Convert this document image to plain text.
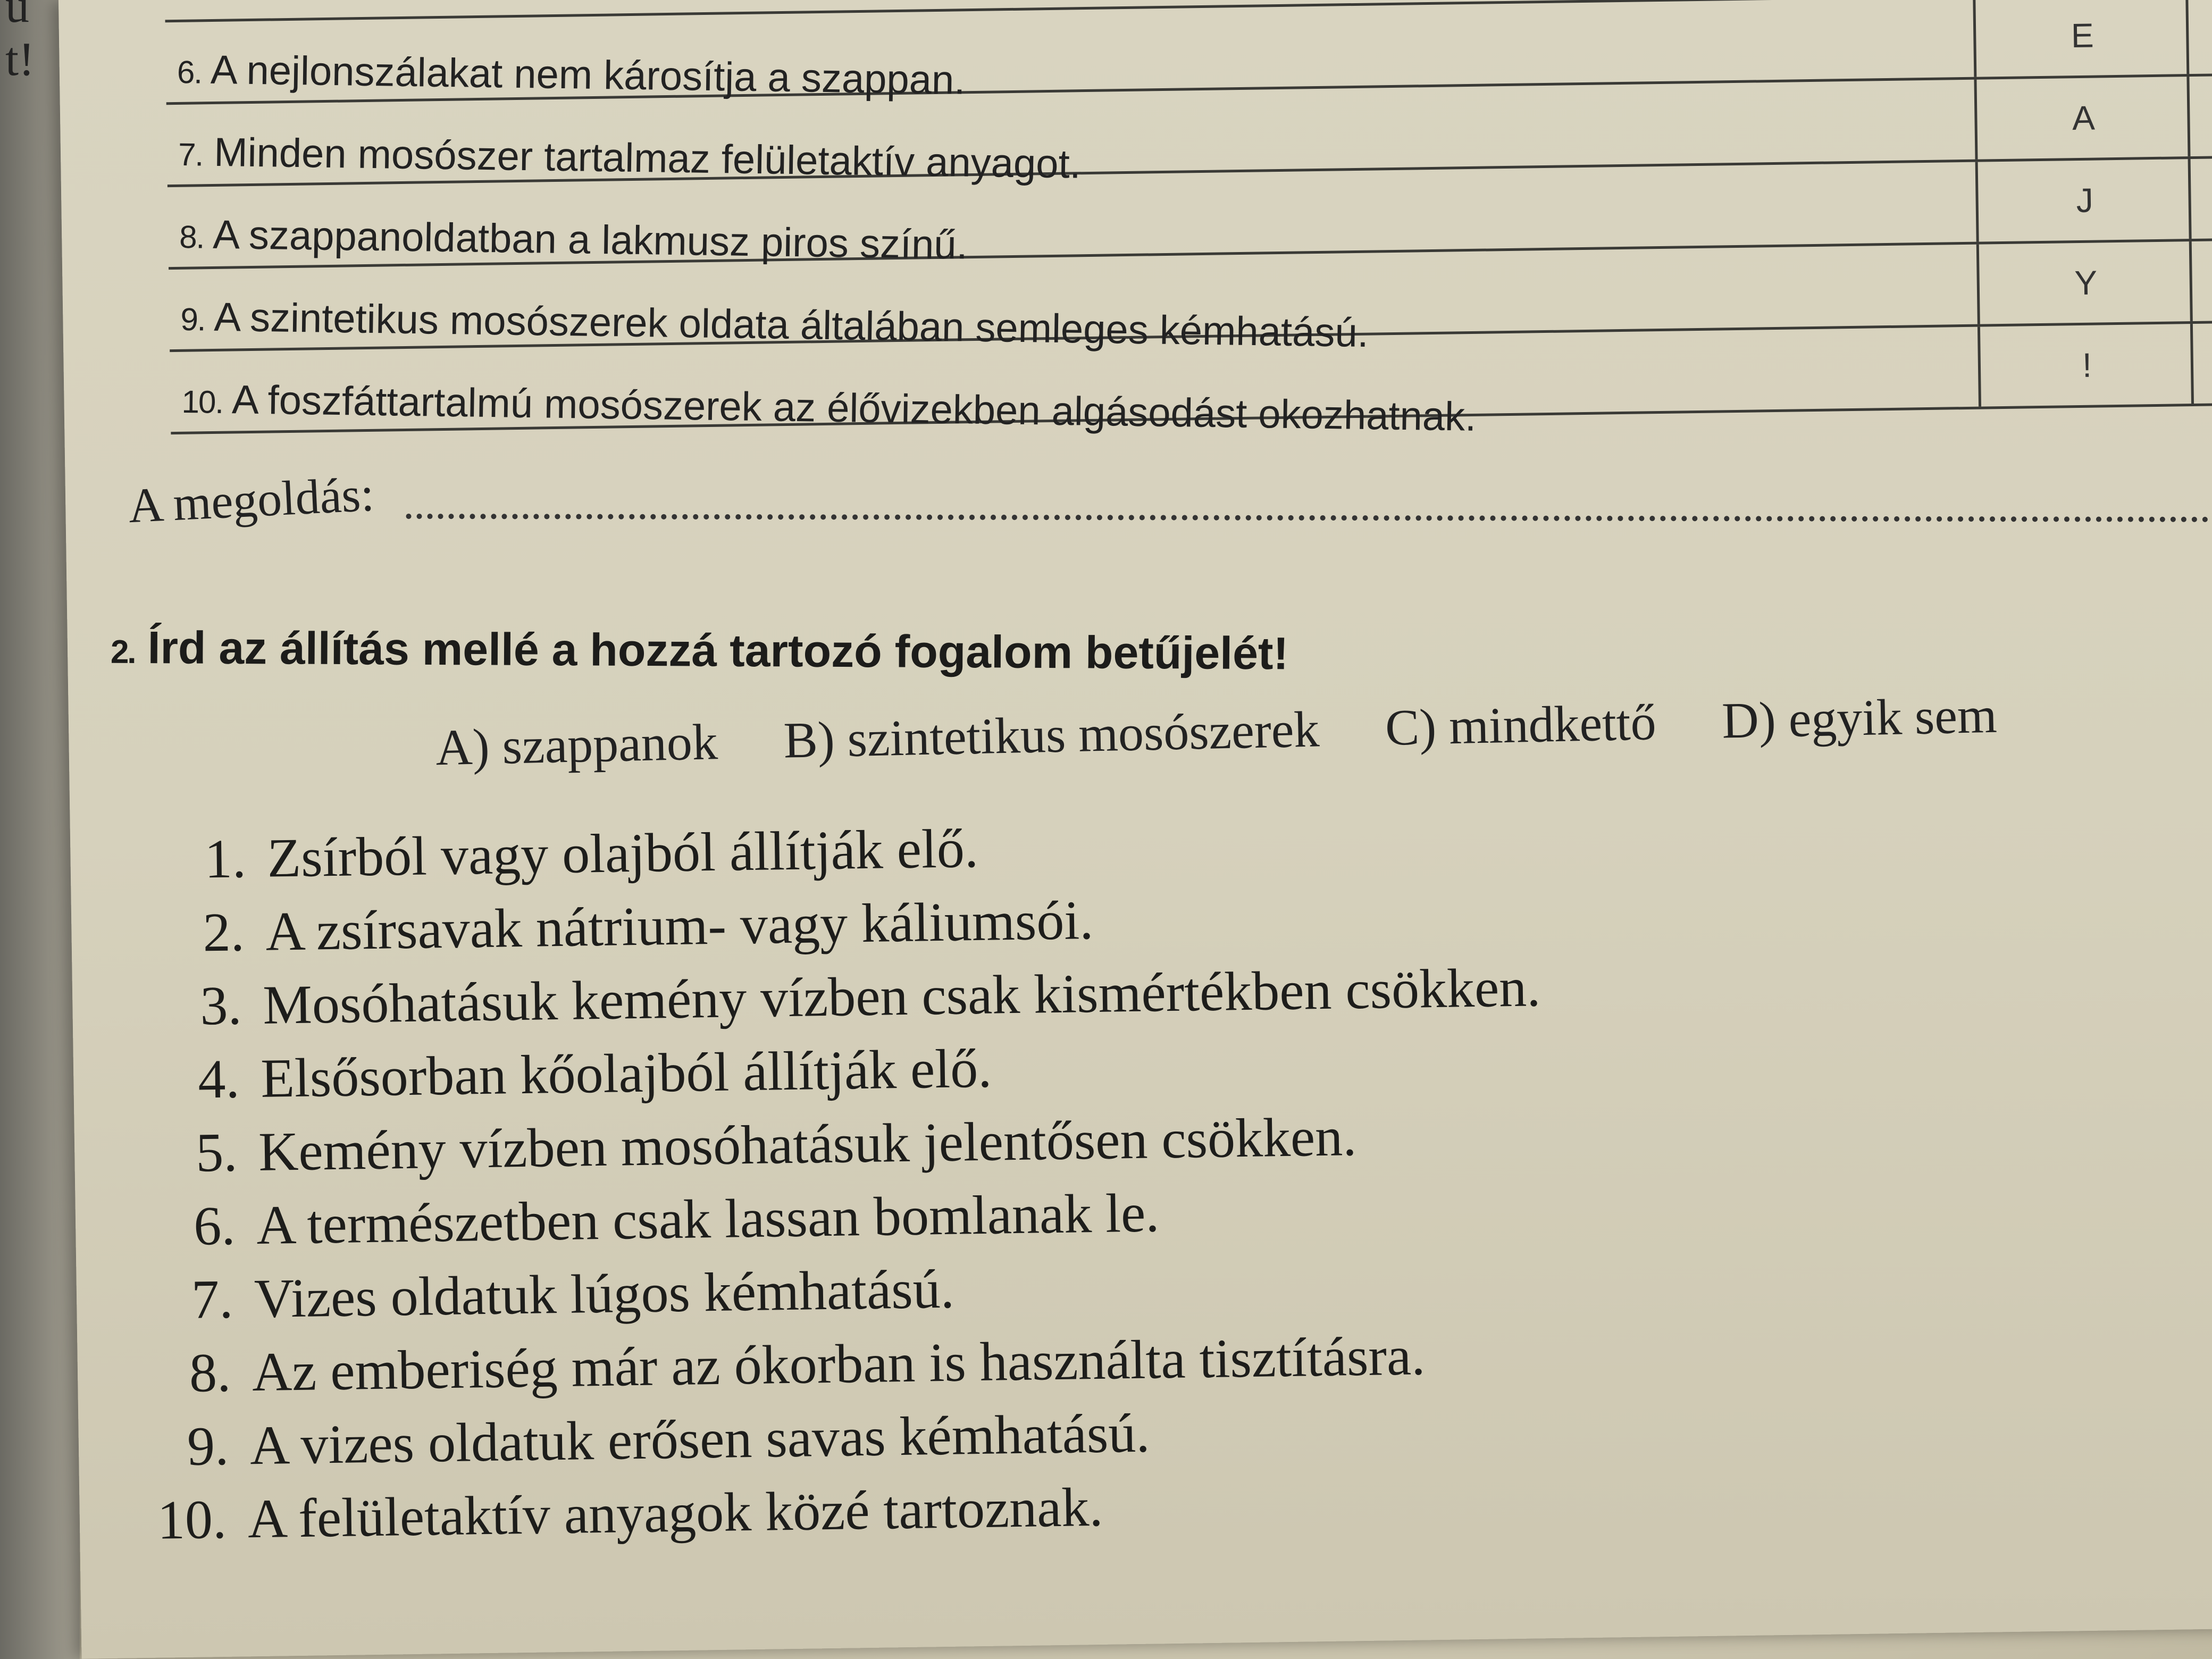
u
t!	6. A nejlonszálakat nem károsítja a szappan.
E
7. Minden mosószer tartalmaz felületaktív anyagot.
A
8. A szappanoldatban a lakmusz piros színű.
J
9. A szintetikus mosószerek oldata általában semleges kémhatású.
Y
10. A foszfáttartalmú mosószerek az élővizekben algásodást okozhatnak.
!
A megoldás:
2. Írd az állítás mellé a hozzá tartozó fogalom betűjelét!
A) szappanok B) szintetikus mosószerek C) mindkettő D) egyik sem
1. Zsírból vagy olajból állítják elő.
2. A zsírsavak nátrium- vagy káliumsói.
3. Mosóhatásuk kemény vízben csak kismértékben csökken.
4. Elsősorban kőolajból állítják elő.
5. Kemény vízben mosóhatásuk jelentősen csökken.
6. A természetben csak lassan bomlanak le.
7. Vizes oldatuk lúgos kémhatású.
8. Az emberiség már az ókorban is használta tisztításra.
9. A vizes oldatuk erősen savas kémhatású.
10. A felületaktív anyagok közé tartoznak.
